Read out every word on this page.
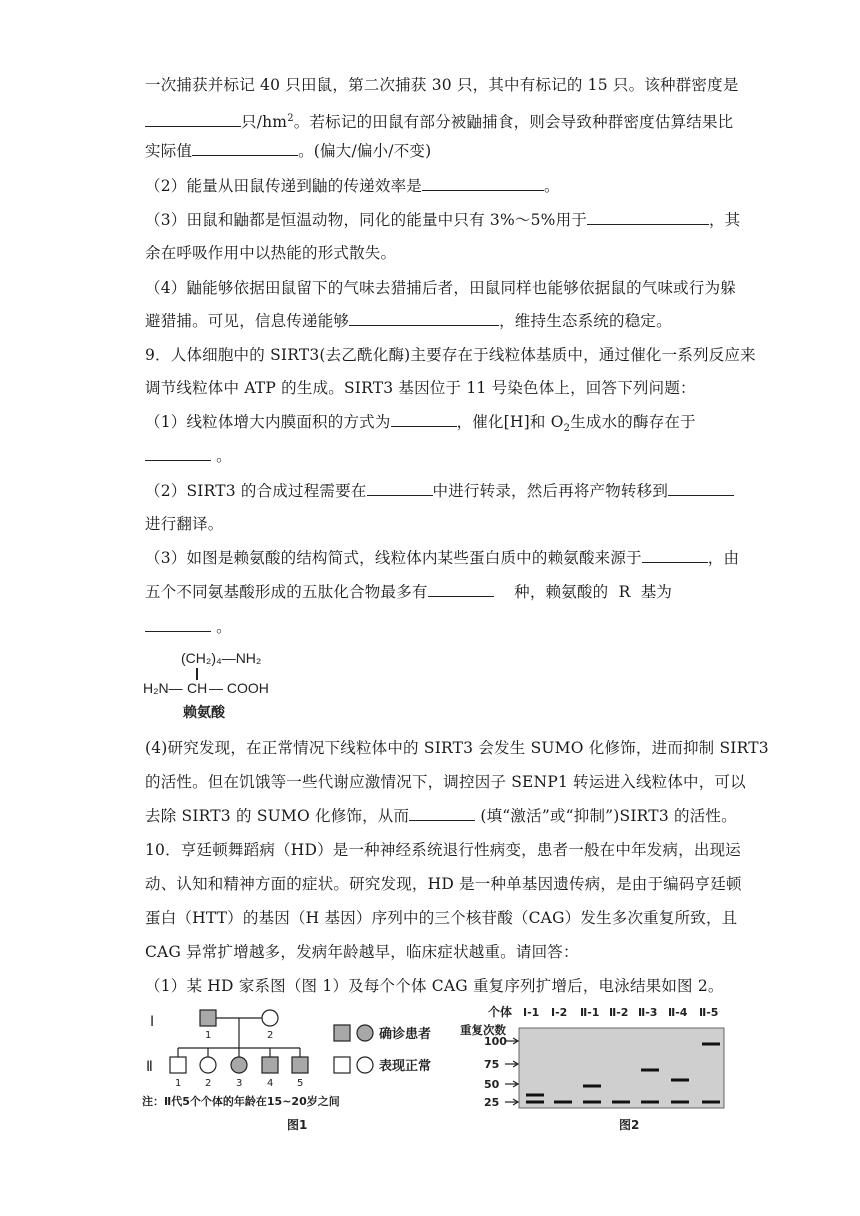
一次捕获并标记 40 只田鼠，第二次捕获 30 只，其中有标记的 15 只。该种群密度是
只$/hm^2$。若标记的田鼠有部分被鼬捕食，则会导致种群密度估算结果比
实际值	。(偏大/偏小/不变)
（2）能量从田鼠传递到鼬的传递效率是	。
（3）田鼠和鼬都是恒温动物，同化的能量中只有 3%～5%用于	，其
余在呼吸作用中以热能的形式散失。
（4）鼬能够依据田鼠留下的气味去猎捕后者，田鼠同样也能够依据鼠的气味或行为躲
避猎捕。可见，信息传递能够	，维持生态系统的稳定。
9．人体细胞中的 SIRT3(去乙酰化酶)主要存在于线粒体基质中，通过催化一系列反应来
调节线粒体中 ATP 的生成。SIRT3 基因位于 11 号染色体上，回答下列问题：
（1）线粒体增大内膜面积的方式为	，催化[H]和 $O_2$生成水的酶存在于
。
（2）SIRT3 的合成过程需要在	中进行转录，然后再将产物转移到
进行翻译。
（3）如图是赖氨酸的结构简式，线粒体内某些蛋白质中的赖氨酸来源于	，由
五个不同氨基酸形成的五肽化合物最多有	种，赖氨酸的  R  基为
。
(CH₂)₄—NH₂
H₂N— CH — COOH
赖氨酸
(4)研究发现，在正常情况下线粒体中的 SIRT3 会发生 SUMO 化修饰，进而抑制 SIRT3
的活性。但在饥饿等一些代谢应激情况下，调控因子 SENP1 转运进入线粒体中，可以
去除 SIRT3 的 SUMO 化修饰，从而	(填“激活”或“抑制”)SIRT3 的活性。
10．亨廷顿舞蹈病（HD）是一种神经系统退行性病变，患者一般在中年发病，出现运
动、认知和精神方面的症状。研究发现，HD 是一种单基因遗传病，是由于编码亨廷顿
蛋白（HTT）的基因（H 基因）序列中的三个核苷酸（CAG）发生多次重复所致，且
CAG 异常扩增越多，发病年龄越早，临床症状越重。请回答：
（1）某 HD 家系图（图 1）及每个个体 CAG 重复序列扩增后，电泳结果如图 2。
I
Ⅱ
1	2
1 2 3 4 5
确诊患者
表现正常
注：Ⅱ代5个个体的年龄在15~20岁之间
图1
个体
重复次数
Ⅰ-1 Ⅰ-2 Ⅱ-1 Ⅱ-2 Ⅱ-3 Ⅱ-4 Ⅱ-5
100
75
50
25
图2
